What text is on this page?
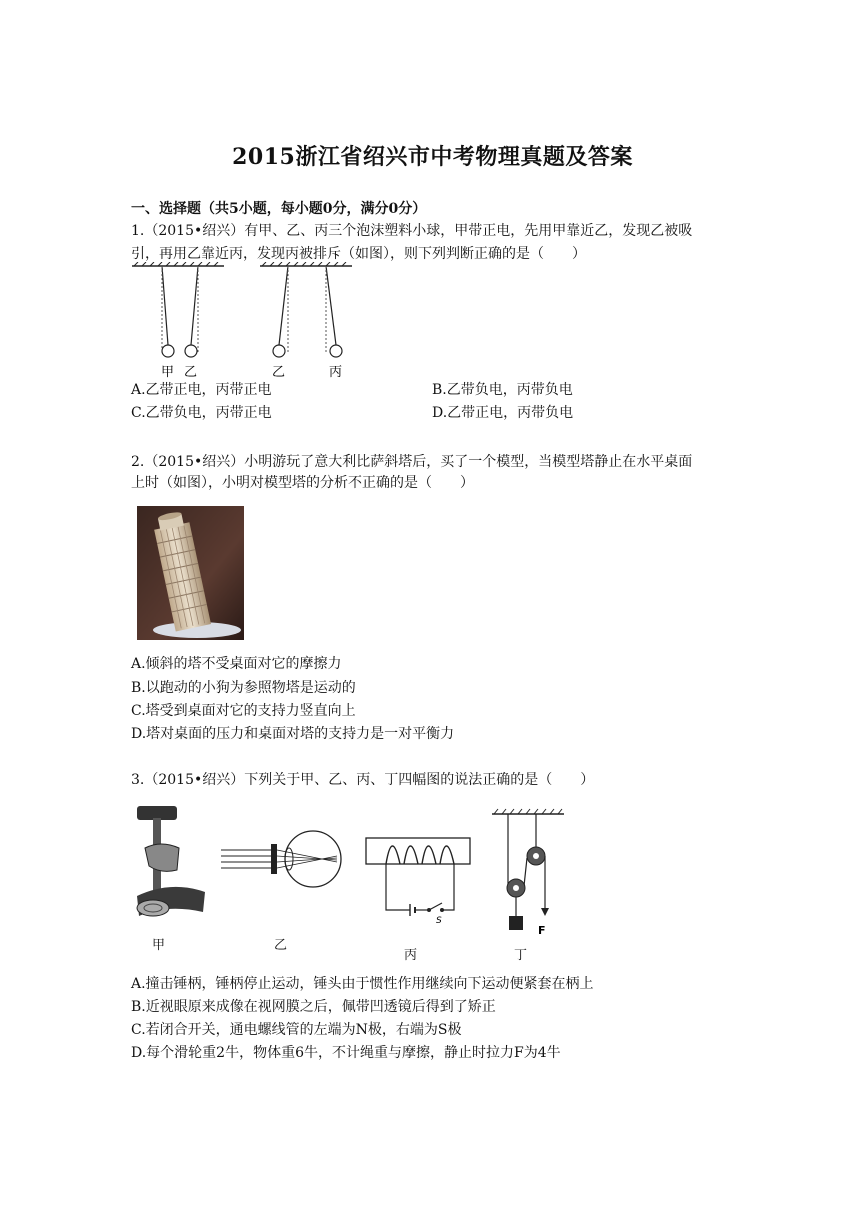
2015浙江省绍兴市中考物理真题及答案
一、选择题（共5小题，每小题0分，满分0分）
1.（2015•绍兴）有甲、乙、丙三个泡沫塑料小球，甲带正电，先用甲靠近乙，发现乙被吸
引，再用乙靠近丙，发现丙被排斥（如图），则下列判断正确的是（　　）
甲 乙	乙	丙
A.乙带正电，丙带正电	B.乙带负电，丙带负电
C.乙带负电，丙带正电	D.乙带正电，丙带负电
2.（2015•绍兴）小明游玩了意大利比萨斜塔后，买了一个模型，当模型塔静止在水平桌面
上时（如图），小明对模型塔的分析不正确的是（　　）
A.倾斜的塔不受桌面对它的摩擦力
B.以跑动的小狗为参照物塔是运动的
C.塔受到桌面对它的支持力竖直向上
D.塔对桌面的压力和桌面对塔的支持力是一对平衡力
3.（2015•绍兴）下列关于甲、乙、丙、丁四幅图的说法正确的是（　　）
S
F
甲	乙
丙	丁
A.撞击锤柄，锤柄停止运动，锤头由于惯性作用继续向下运动便紧套在柄上
B.近视眼原来成像在视网膜之后，佩带凹透镜后得到了矫正
C.若闭合开关，通电螺线管的左端为N极，右端为S极
D.每个滑轮重2牛，物体重6牛，不计绳重与摩擦，静止时拉力F为4牛
